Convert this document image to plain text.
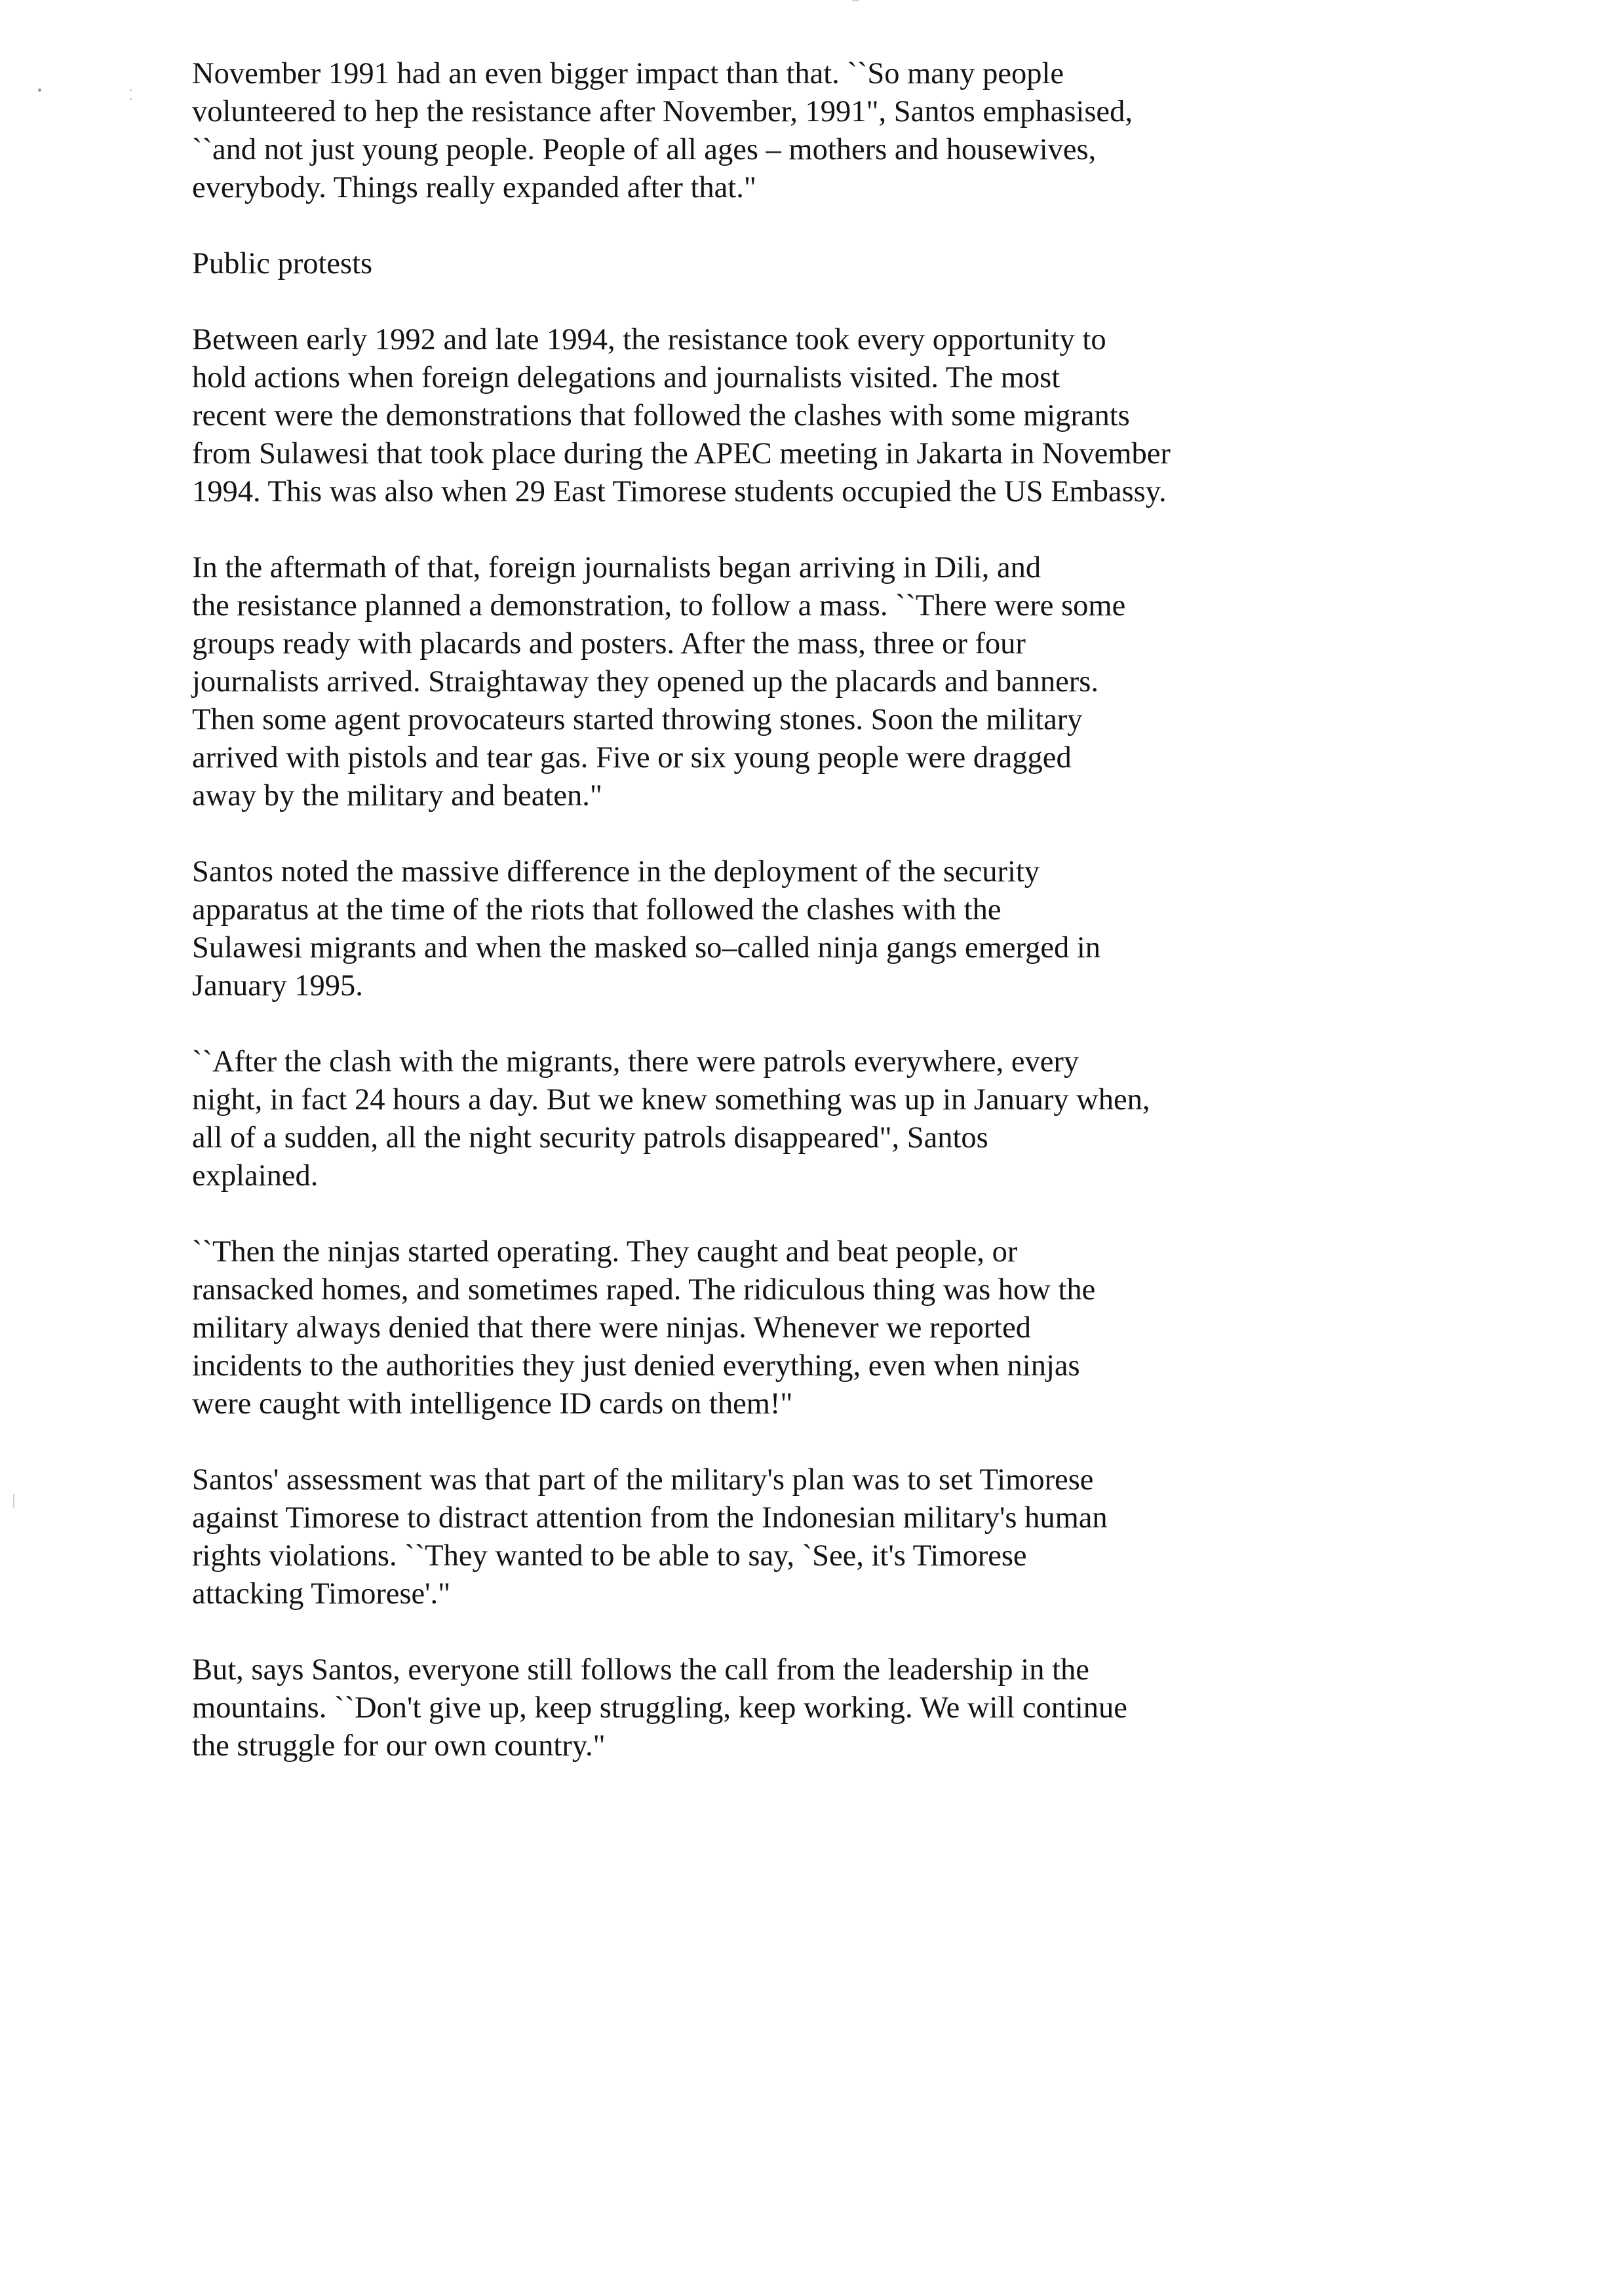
November 1991 had an even bigger impact than that. ``So many people
volunteered to hep the resistance after November, 1991", Santos emphasised,
``and not just young people. People of all ages – mothers and housewives,
everybody. Things really expanded after that."

Public protests

Between early 1992 and late 1994, the resistance took every opportunity to
hold actions when foreign delegations and journalists visited. The most
recent were the demonstrations that followed the clashes with some migrants
from Sulawesi that took place during the APEC meeting in Jakarta in November
1994. This was also when 29 East Timorese students occupied the US Embassy.

In the aftermath of that, foreign journalists began arriving in Dili, and
the resistance planned a demonstration, to follow a mass. ``There were some
groups ready with placards and posters. After the mass, three or four
journalists arrived. Straightaway they opened up the placards and banners.
Then some agent provocateurs started throwing stones. Soon the military
arrived with pistols and tear gas. Five or six young people were dragged
away by the military and beaten."

Santos noted the massive difference in the deployment of the security
apparatus at the time of the riots that followed the clashes with the
Sulawesi migrants and when the masked so–called ninja gangs emerged in
January 1995.

``After the clash with the migrants, there were patrols everywhere, every
night, in fact 24 hours a day. But we knew something was up in January when,
all of a sudden, all the night security patrols disappeared", Santos
explained.

``Then the ninjas started operating. They caught and beat people, or
ransacked homes, and sometimes raped. The ridiculous thing was how the
military always denied that there were ninjas. Whenever we reported
incidents to the authorities they just denied everything, even when ninjas
were caught with intelligence ID cards on them!"

Santos' assessment was that part of the military's plan was to set Timorese
against Timorese to distract attention from the Indonesian military's human
rights violations. ``They wanted to be able to say, `See, it's Timorese
attacking Timorese'."

But, says Santos, everyone still follows the call from the leadership in the
mountains. ``Don't give up, keep struggling, keep working. We will continue
the struggle for our own country."
